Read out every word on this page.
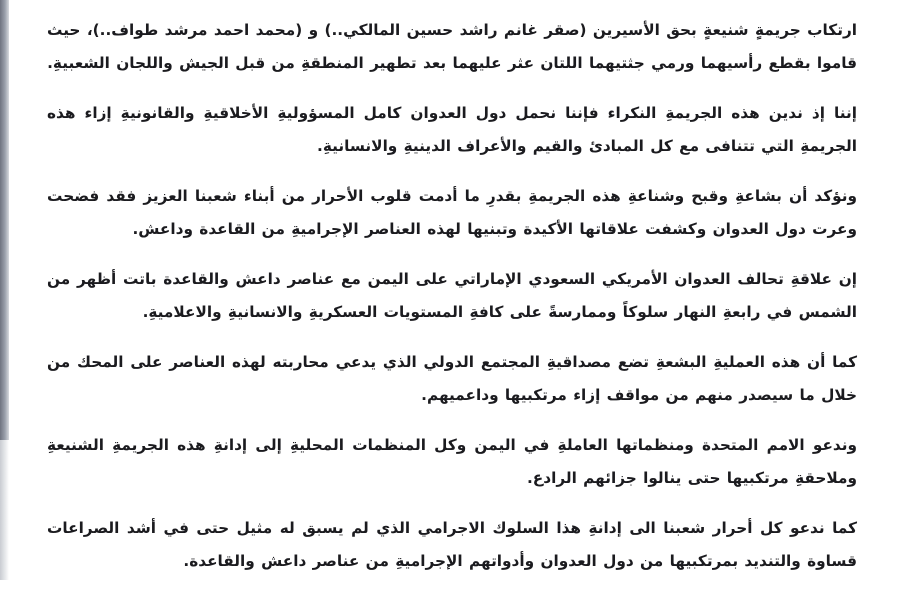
ارتكاب جريمةٍ شنيعةٍ بحق الأسيرين (صقر غانم راشد حسين المالكي..) و (محمد احمد مرشد طواف..)، حيث قاموا بقطع رأسيهما ورمي جثتيهما اللتان عثر عليهما بعد تطهير المنطقةِ من قبل الجيش واللجان الشعبيةِ.

إننا إذ ندين هذه الجريمةِ النكراء فإننا نحمل دول العدوان كامل المسؤوليةِ الأخلاقيةِ والقانونيةِ إزاء هذه الجريمةِ التي تتنافى مع كل المبادئ والقيم والأعراف الدينيةِ والانسانيةِ.

ونؤكد أن بشاعةِ وقبح وشناعةِ هذه الجريمةِ بقدرِ ما أدمت قلوب الأحرار من أبناء شعبنا العزيز فقد فضحت وعرت دول العدوان وكشفت علاقاتها الأكيدة وتبنيها لهذه العناصر الإجراميةِ من القاعدة وداعش.

إن علاقةِ تحالف العدوان الأمريكي السعودي الإماراتي على اليمن مع عناصر داعش والقاعدة باتت أظهر من الشمس في رابعةِ النهار سلوكاً وممارسةً على كافةِ المستويات العسكريةِ والانسانيةِ والاعلاميةِ.

كما أن هذه العمليةِ البشعةِ تضع مصداقيةِ المجتمع الدولي الذي يدعي محاربته لهذه العناصر على المحك من خلال ما سيصدر منهم من مواقف إزاء مرتكبيها وداعميهم.

وندعو الامم المتحدة ومنظماتها العاملةِ في اليمن وكل المنظمات المحليةِ إلى إدانةِ هذه الجريمةِ الشنيعةِ وملاحقةِ مرتكبيها حتى ينالوا جزائهم الرادع.

كما ندعو كل أحرار شعبنا الى إدانةِ هذا السلوك الاجرامي الذي لم يسبق له مثيل حتى في أشد الصراعات قساوة والتنديد بمرتكبيها من دول العدوان وأدواتهم الإجراميةِ من عناصر داعش والقاعدة.
